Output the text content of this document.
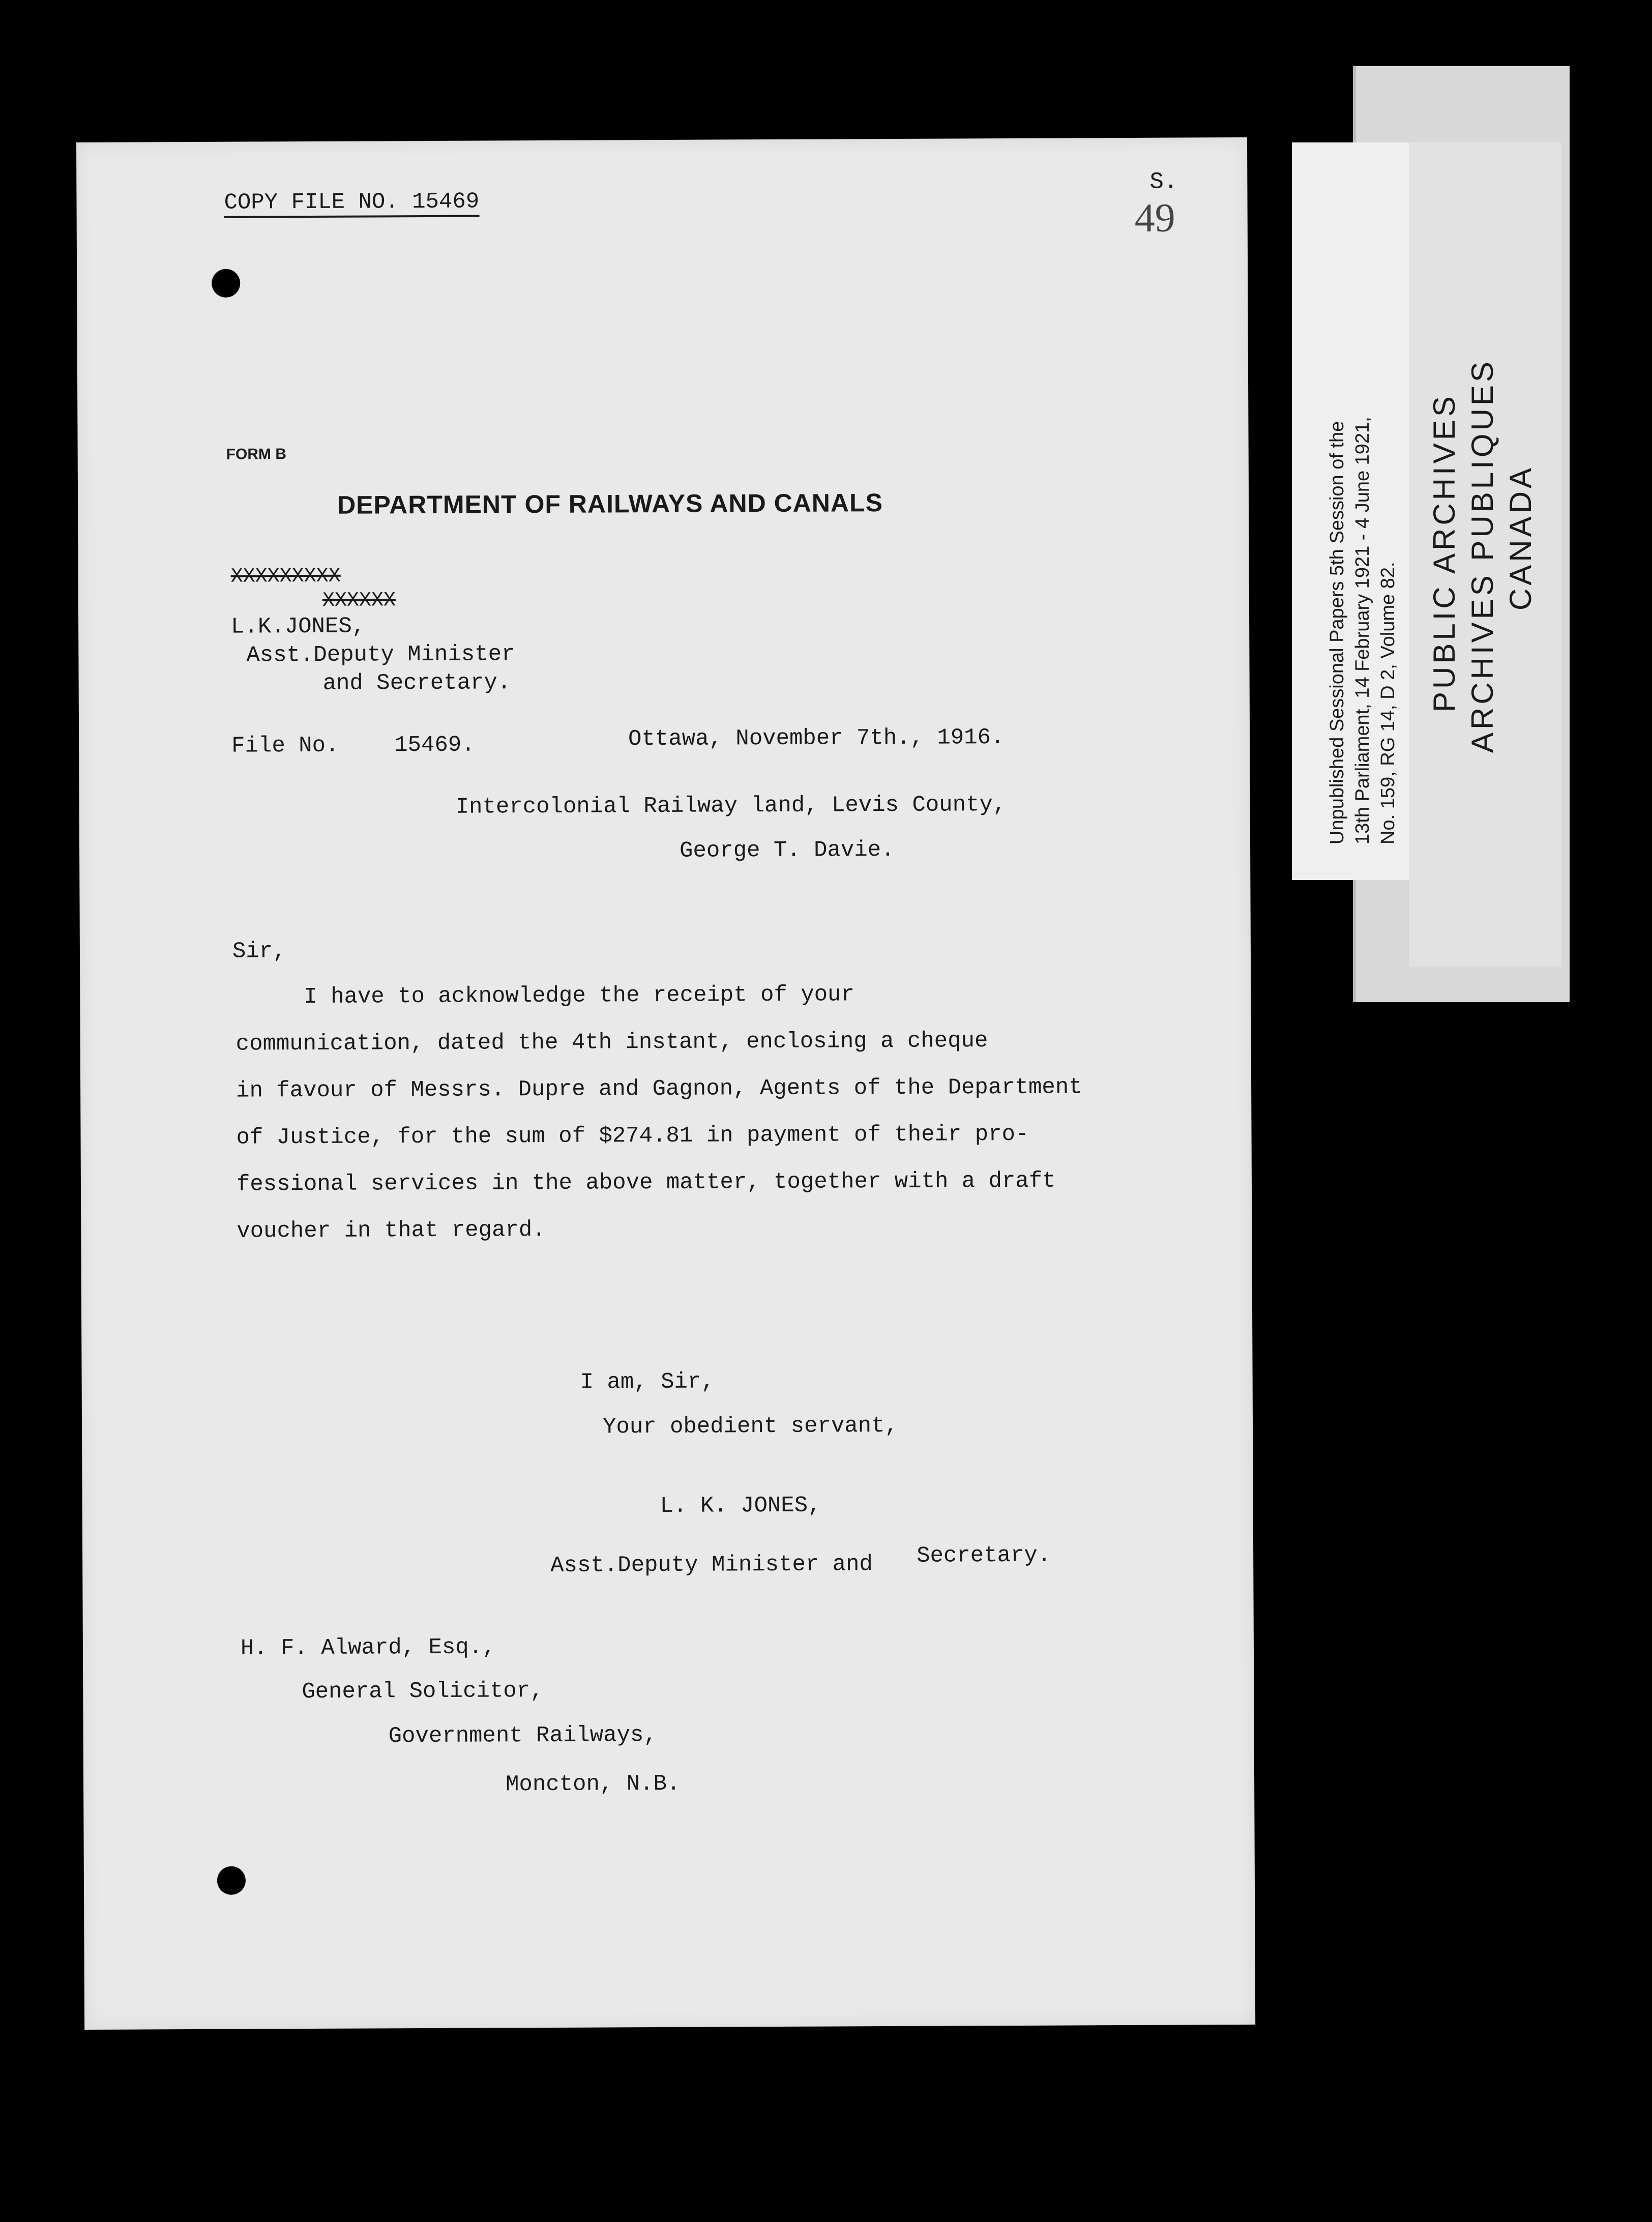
Unpublished Sessional Papers 5th Session of the 13th Parliament, 14 February 1921 - 4 June 1921, No. 159, RG 14, D 2, Volume 82. PUBLIC ARCHIVES ARCHIVES PUBLIQUES CANADA
COPY FILE NO. 15469
S.
49
FORM B
DEPARTMENT OF RAILWAYS AND CANALS
XXXXXXXXX
XXXXXX
L.K.JONES,
Asst.Deputy Minister
and Secretary.
File No. 15469.	Ottawa, November 7th., 1916.
Intercolonial Railway land, Levis County,
George T. Davie.
Sir,
I have to acknowledge the receipt of your
communication, dated the 4th instant, enclosing a cheque
in favour of Messrs. Dupre and Gagnon, Agents of the Department
of Justice, for the sum of $274.81 in payment of their pro-
fessional services in the above matter, together with a draft
voucher in that regard.
I am, Sir,
Your obedient servant,
L. K. JONES,
Asst.Deputy Minister and Secretary.
H. F. Alward, Esq.,
General Solicitor,
Government Railways,
Moncton, N.B.
